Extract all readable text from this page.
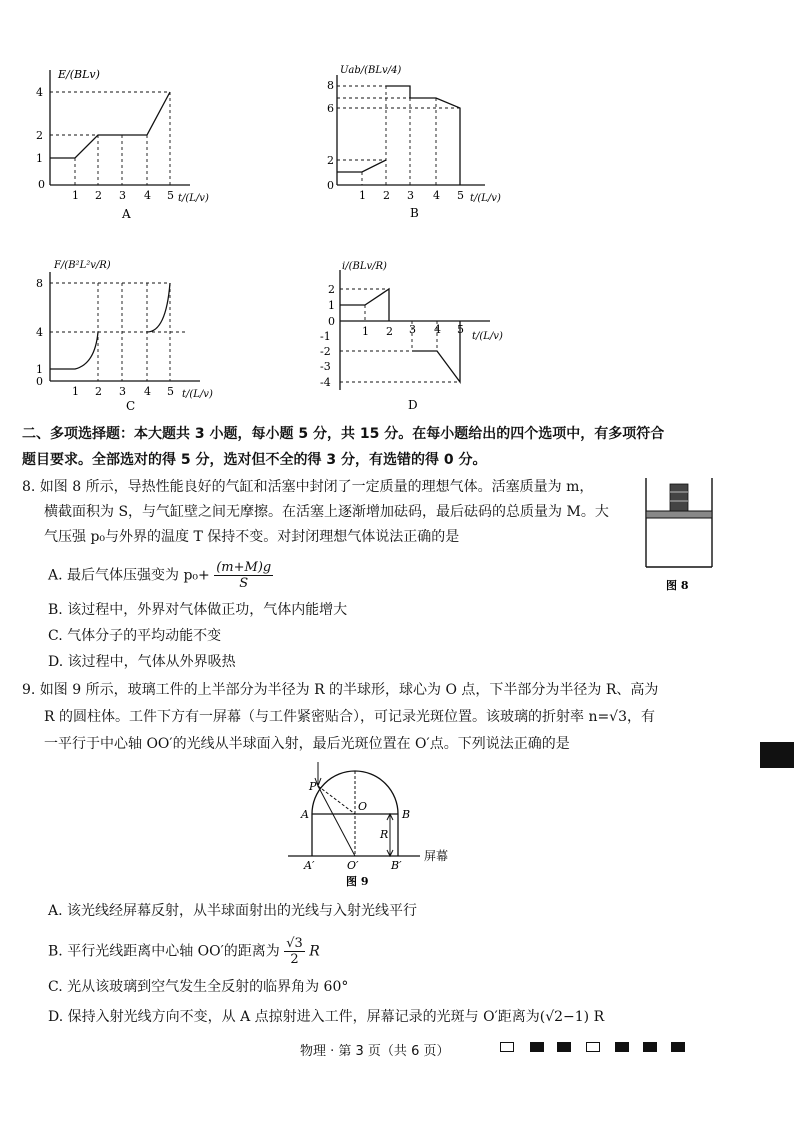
E/(BLv)
4
2
1
0
1 2 3 4 5 t/(L/v)
A
Uab/(BLv/4)
8
6
2
0
1 2 3 4 5 t/(L/v)
B
F/(B²L²v/R)
8
4
1
0
1 2 3 4 5 t/(L/v)
C
i/(BLv/R)
2
1
0
-1
-2
-3
-4
1 2 3 4 5
t/(L/v)
D
二、多项选择题：本大题共 3 小题，每小题 5 分，共 15 分。在每小题给出的四个选项中，有多项符合
题目要求。全部选对的得 5 分，选对但不全的得 3 分，有选错的得 0 分。
8. 如图 8 所示，导热性能良好的气缸和活塞中封闭了一定质量的理想气体。活塞质量为 m，
横截面积为 S，与气缸壁之间无摩擦。在活塞上逐渐增加砝码，最后砝码的总质量为 M。大
气压强 p₀与外界的温度 T 保持不变。对封闭理想气体说法正确的是
A. 最后气体压强变为 $p_0+ \frac{(m+M)g}{S}$
B. 该过程中，外界对气体做正功，气体内能增大
C. 气体分子的平均动能不变
D. 该过程中，气体从外界吸热
图 8
9. 如图 9 所示，玻璃工件的上半部分为半径为 R 的半球形，球心为 O 点，下半部分为半径为 R、高为
R 的圆柱体。工件下方有一屏幕（与工件紧密贴合），可记录光斑位置。该玻璃的折射率 n=√3，有
一平行于中心轴 OO′的光线从半球面入射，最后光斑位置在 O′点。下列说法正确的是
P
O
A	B
R
A′	O′	B′
屏幕
图 9
A. 该光线经屏幕反射，从半球面射出的光线与入射光线平行
B. 平行光线距离中心轴 OO′的距离为 $\frac{√3}{2}$ R
C. 光从该玻璃到空气发生全反射的临界角为 60°
D. 保持入射光线方向不变，从 A 点掠射进入工件，屏幕记录的光斑与 O′距离为(√2−1) R
物理 · 第 3 页（共 6 页）
